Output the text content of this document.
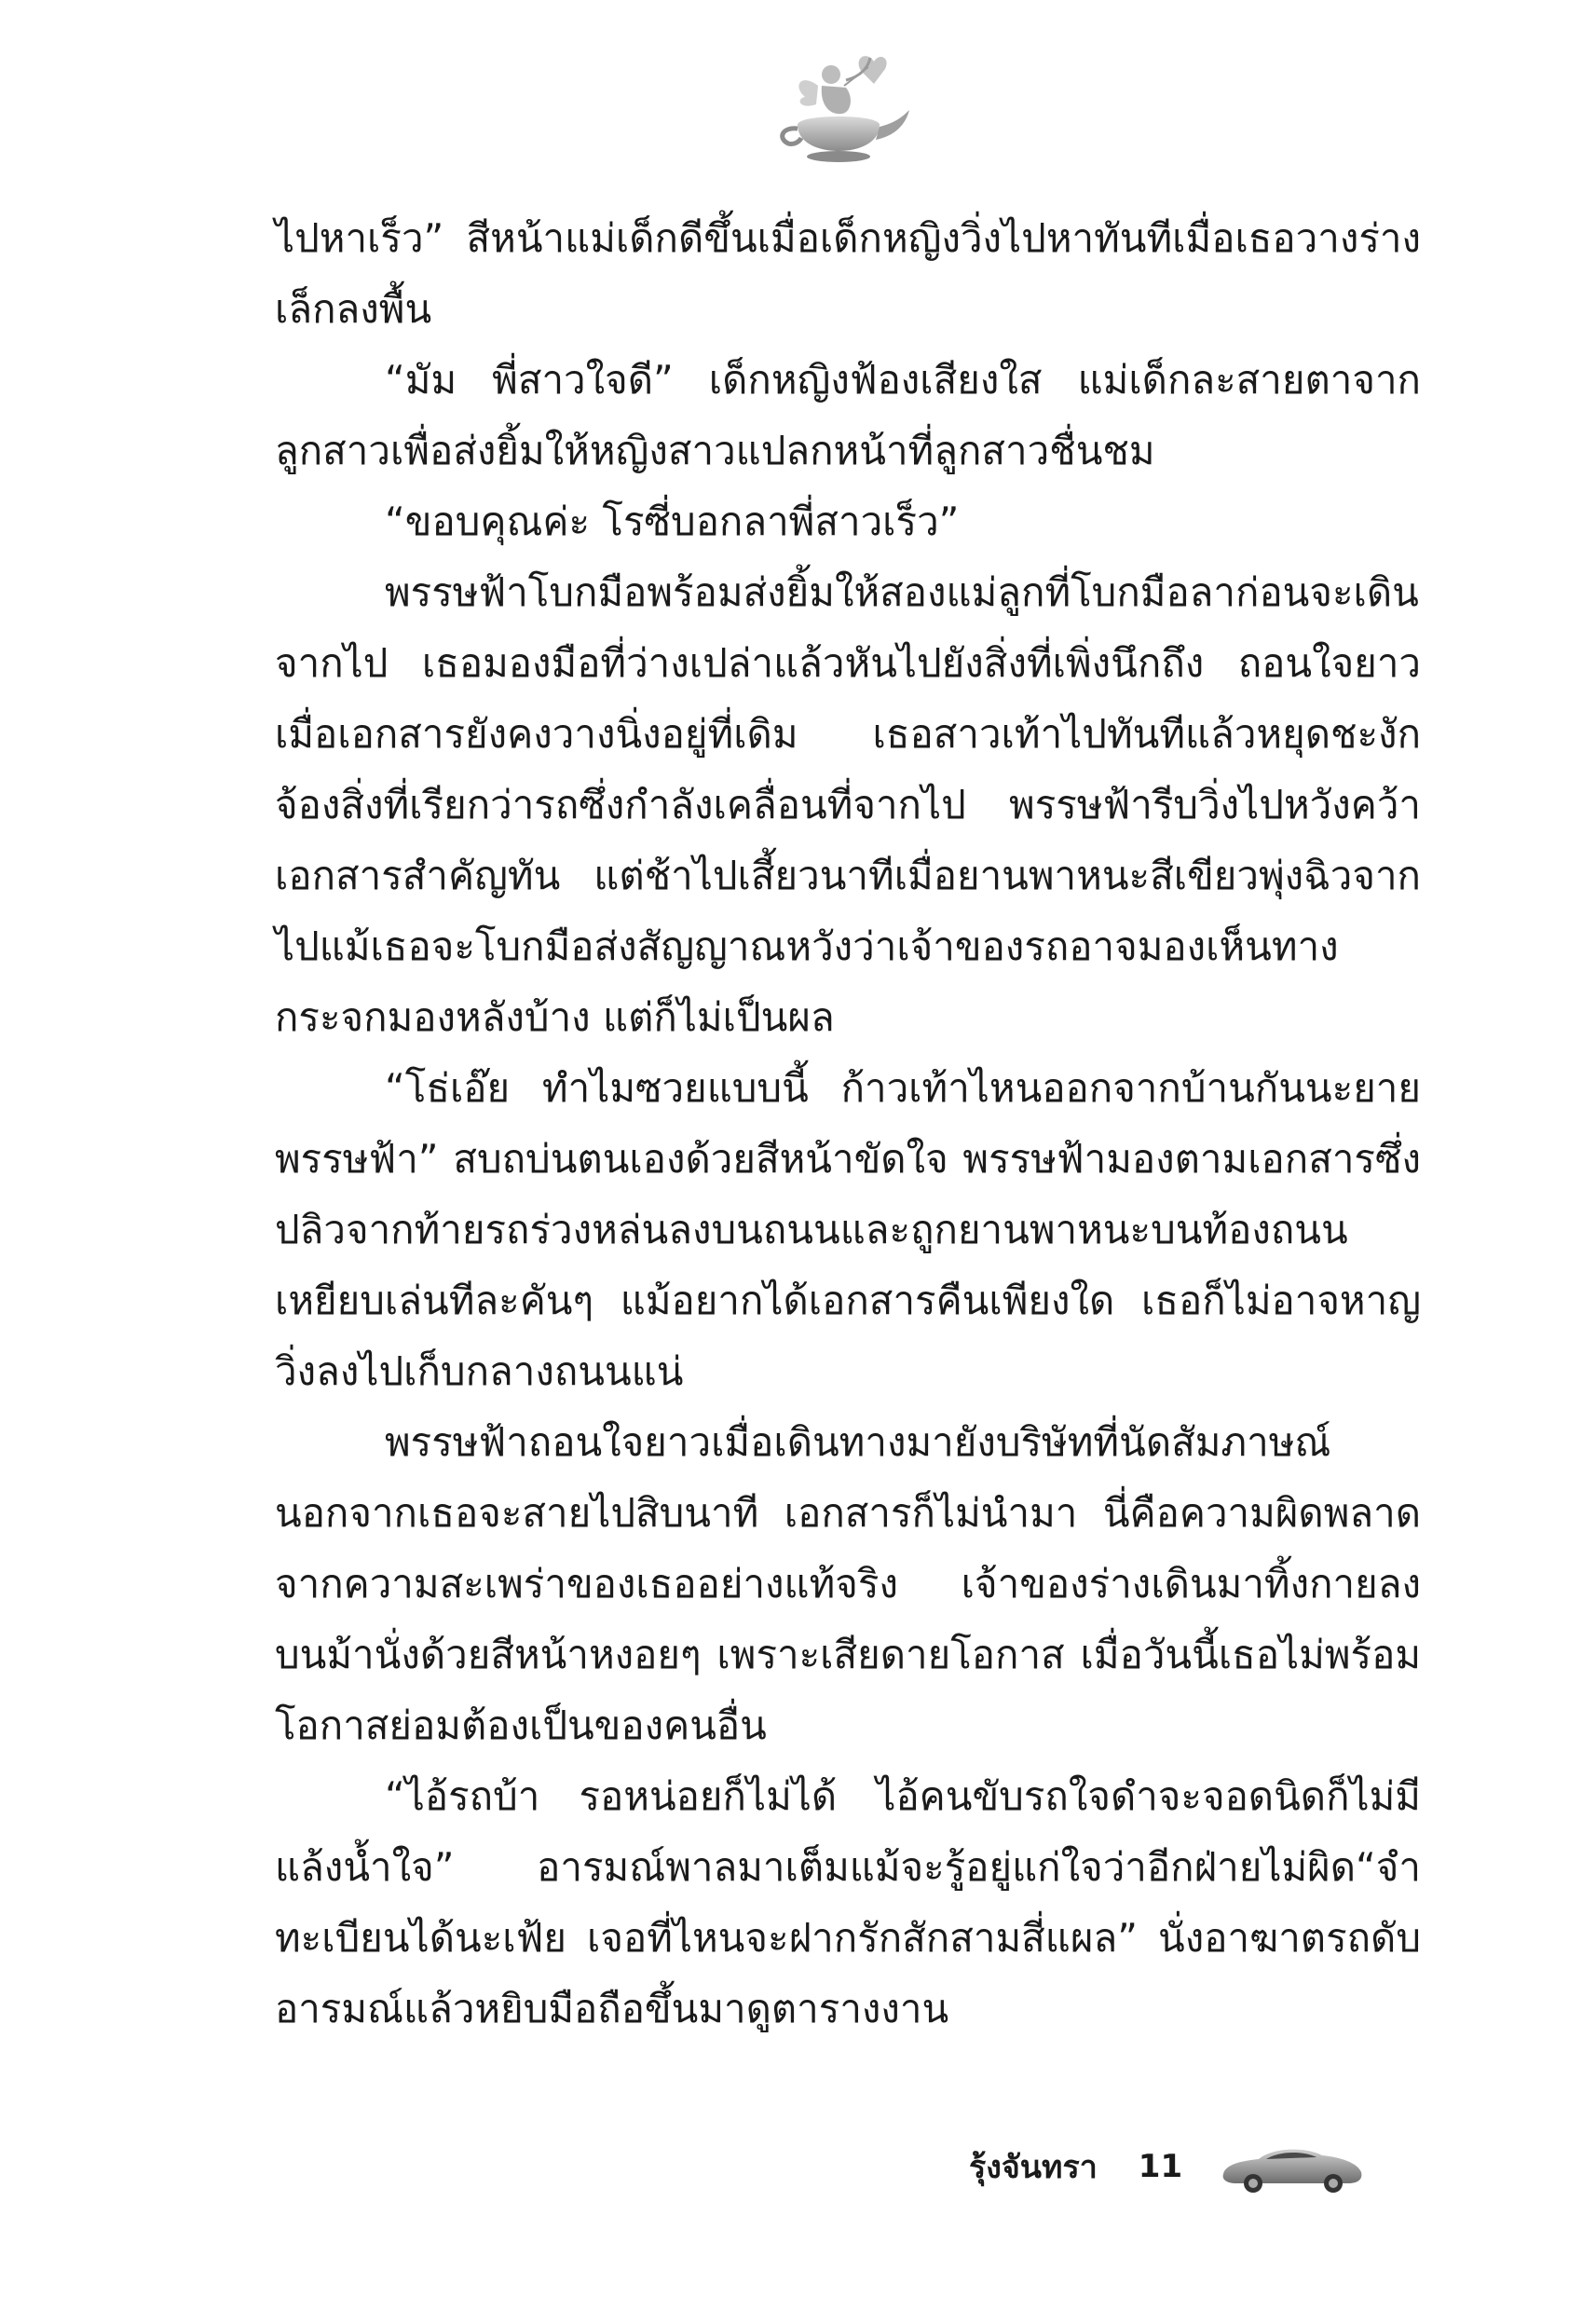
ไปหาเร็ว” สีหน้าแม่เด็กดีขึ้นเมื่อเด็กหญิงวิ่งไปหาทันทีเมื่อเธอวางร่างเล็กลงพื้น

“มัม พี่สาวใจดี” เด็กหญิงฟ้องเสียงใส แม่เด็กละสายตาจากลูกสาวเพื่อส่งยิ้มให้หญิงสาวแปลกหน้าที่ลูกสาวชื่นชม

“ขอบคุณค่ะ โรซี่บอกลาพี่สาวเร็ว”

พรรษฟ้าโบกมือพร้อมส่งยิ้มให้สองแม่ลูกที่โบกมือลาก่อนจะเดินจากไป เธอมองมือที่ว่างเปล่าแล้วหันไปยังสิ่งที่เพิ่งนึกถึง ถอนใจยาวเมื่อเอกสารยังคงวางนิ่งอยู่ที่เดิม เธอสาวเท้าไปทันทีแล้วหยุดชะงักจ้องสิ่งที่เรียกว่ารถซึ่งกำลังเคลื่อนที่จากไป พรรษฟ้ารีบวิ่งไปหวังคว้าเอกสารสำคัญทัน แต่ช้าไปเสี้ยวนาทีเมื่อยานพาหนะสีเขียวพุ่งฉิวจากไปแม้เธอจะโบกมือส่งสัญญาณหวังว่าเจ้าของรถอาจมองเห็นทางกระจกมองหลังบ้าง แต่ก็ไม่เป็นผล

“โธ่เอ๊ย ทำไมซวยแบบนี้ ก้าวเท้าไหนออกจากบ้านกันนะยายพรรษฟ้า” สบถบ่นตนเองด้วยสีหน้าขัดใจ พรรษฟ้ามองตามเอกสารซึ่งปลิวจากท้ายรถร่วงหล่นลงบนถนนและถูกยานพาหนะบนท้องถนนเหยียบเล่นทีละคันๆ แม้อยากได้เอกสารคืนเพียงใด เธอก็ไม่อาจหาญวิ่งลงไปเก็บกลางถนนแน่

พรรษฟ้าถอนใจยาวเมื่อเดินทางมายังบริษัทที่นัดสัมภาษณ์นอกจากเธอจะสายไปสิบนาที เอกสารก็ไม่นำมา นี่คือความผิดพลาดจากความสะเพร่าของเธออย่างแท้จริง เจ้าของร่างเดินมาทิ้งกายลงบนม้านั่งด้วยสีหน้าหงอยๆ เพราะเสียดายโอกาส เมื่อวันนี้เธอไม่พร้อมโอกาสย่อมต้องเป็นของคนอื่น

“ไอ้รถบ้า รอหน่อยก็ไม่ได้ ไอ้คนขับรถใจดำจะจอดนิดก็ไม่มีแล้งน้ำใจ” อารมณ์พาลมาเต็มแม้จะรู้อยู่แก่ใจว่าอีกฝ่ายไม่ผิด“จำทะเบียนได้นะเฟ้ย เจอที่ไหนจะฝากรักสักสามสี่แผล” นั่งอาฆาตรถดับอารมณ์แล้วหยิบมือถือขึ้นมาดูตารางงาน

รุ้งจันทรา 11
